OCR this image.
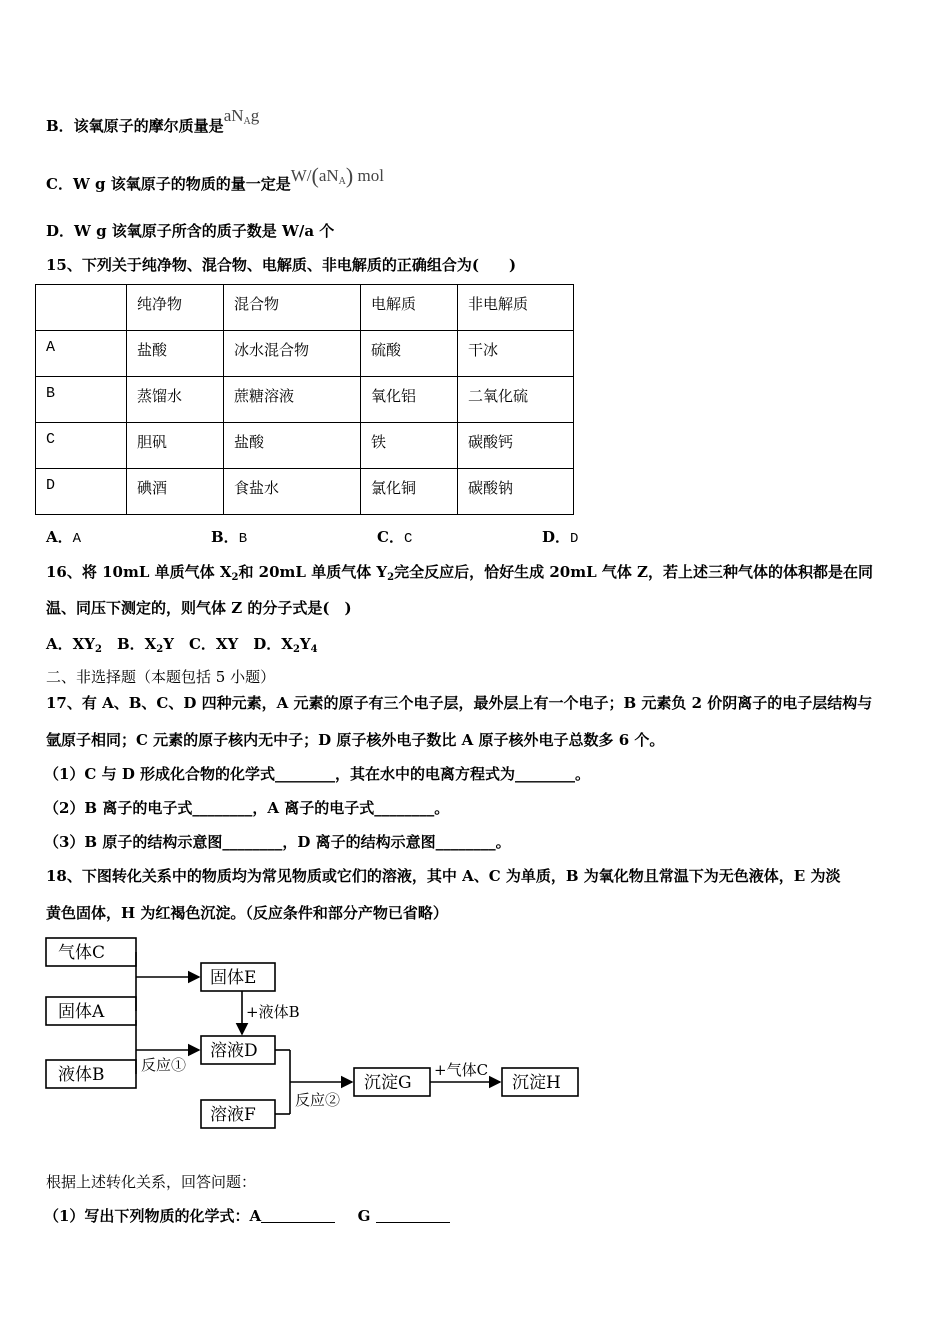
B．该氧原子的摩尔质量是$aN_Ag$
C．W g 该氧原子的物质的量一定是$W/(aN_A)$ mol
D．W g 该氧原子所含的质子数是 W/a 个
15、下列关于纯净物、混合物、电解质、非电解质的正确组合为(　　)
	纯净物	混合物	电解质	非电解质
A	盐酸	冰水混合物	硫酸	干冰
B	蒸馏水	蔗糖溶液	氧化铝	二氧化硫
C	胆矾	盐酸	铁	碳酸钙
D	碘酒	食盐水	氯化铜	碳酸钠
A．A	B．B	C．C	D．D
16、将 10mL 单质气体 $X_2$和 20mL 单质气体 $Y_2$完全反应后，恰好生成 20mL 气体 Z，若上述三种气体的体积都是在同
温、同压下测定的，则气体 Z 的分子式是(　)
A．$XY_2$  B．$X_2Y$  C．XY  D．$X_2Y_4$
二、非选择题（本题包括 5 小题）
17、有 A、B、C、D 四种元素，A 元素的原子有三个电子层，最外层上有一个电子；B 元素负 2 价阴离子的电子层结构与
氩原子相同；C 元素的原子核内无中子；D 原子核外电子数比 A 原子核外电子总数多 6 个。
（1）C 与 D 形成化合物的化学式________，其在水中的电离方程式为________。
（2）B 离子的电子式________，A 离子的电子式________。
（3）B 原子的结构示意图________，D 离子的结构示意图________。
18、下图转化关系中的物质均为常见物质或它们的溶液，其中 A、C 为单质，B 为氧化物且常温下为无色液体，E 为淡
黄色固体，H 为红褐色沉淀。（反应条件和部分产物已省略）
气体C
固体A
液体B
固体E
溶液D
溶液F
沉淀G	沉淀H
+液体B
反应①
反应②
+气体C
根据上述转化关系，回答问题：
（1）写出下列物质的化学式：A  	G
